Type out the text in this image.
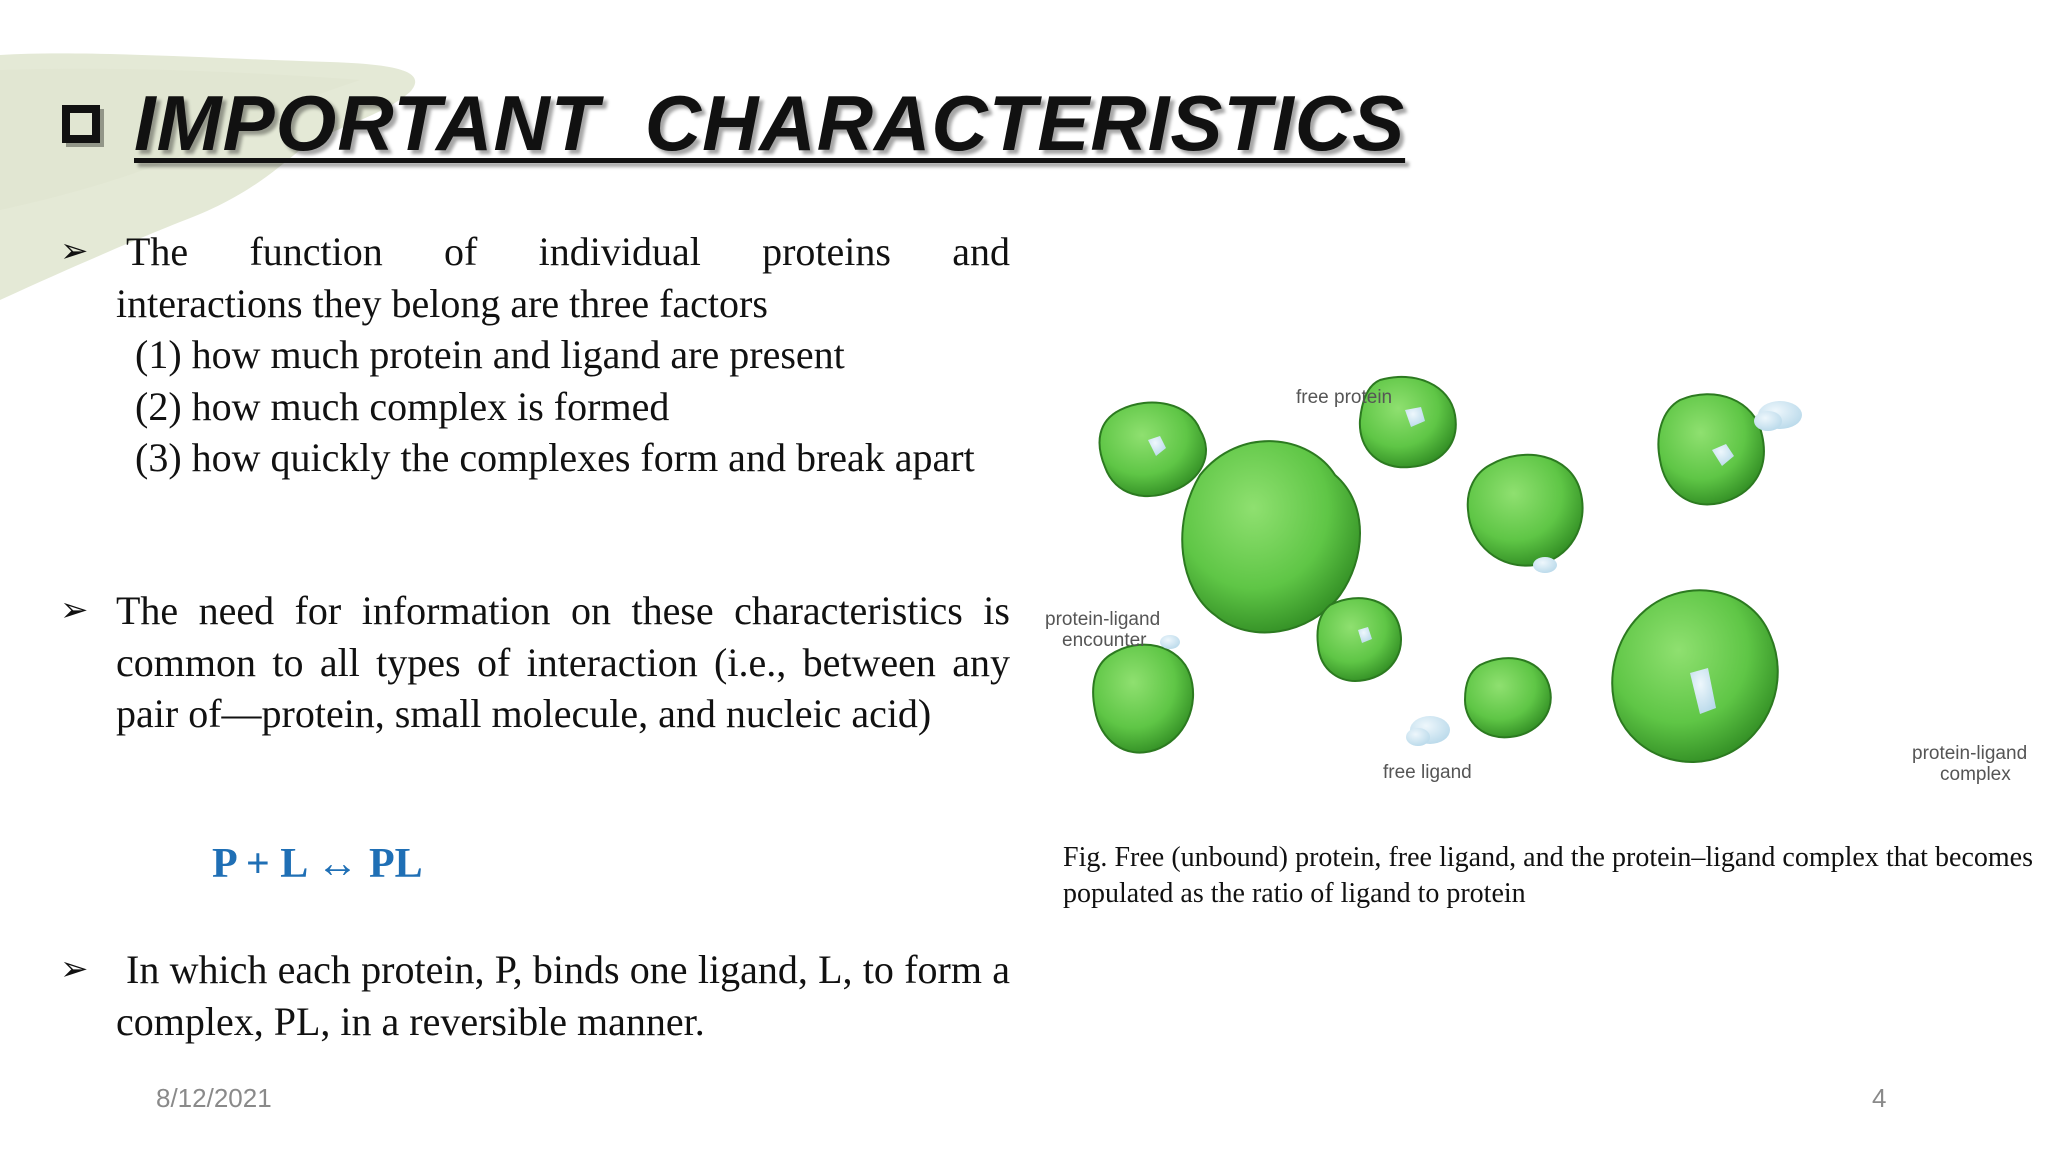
IMPORTANT  CHARACTERISTICS
➢ The function of individual proteins and
interactions they belong are three factors
(1) how much protein and ligand are present
(2) how much complex is formed
(3) how quickly the complexes form and break apart
➢ The need for information on these characteristics is common to all types of interaction (i.e., between any pair of—protein, small molecule, and nucleic acid)
P + L ↔ PL
➢ In which each protein, P, binds one ligand, L, to form a complex, PL, in a reversible manner.
free protein
protein-ligand
encounter
free ligand
protein-ligand
complex
Fig. Free (unbound) protein, free ligand, and the protein–ligand complex that becomes populated as the ratio of ligand to protein
8/12/2021	4
